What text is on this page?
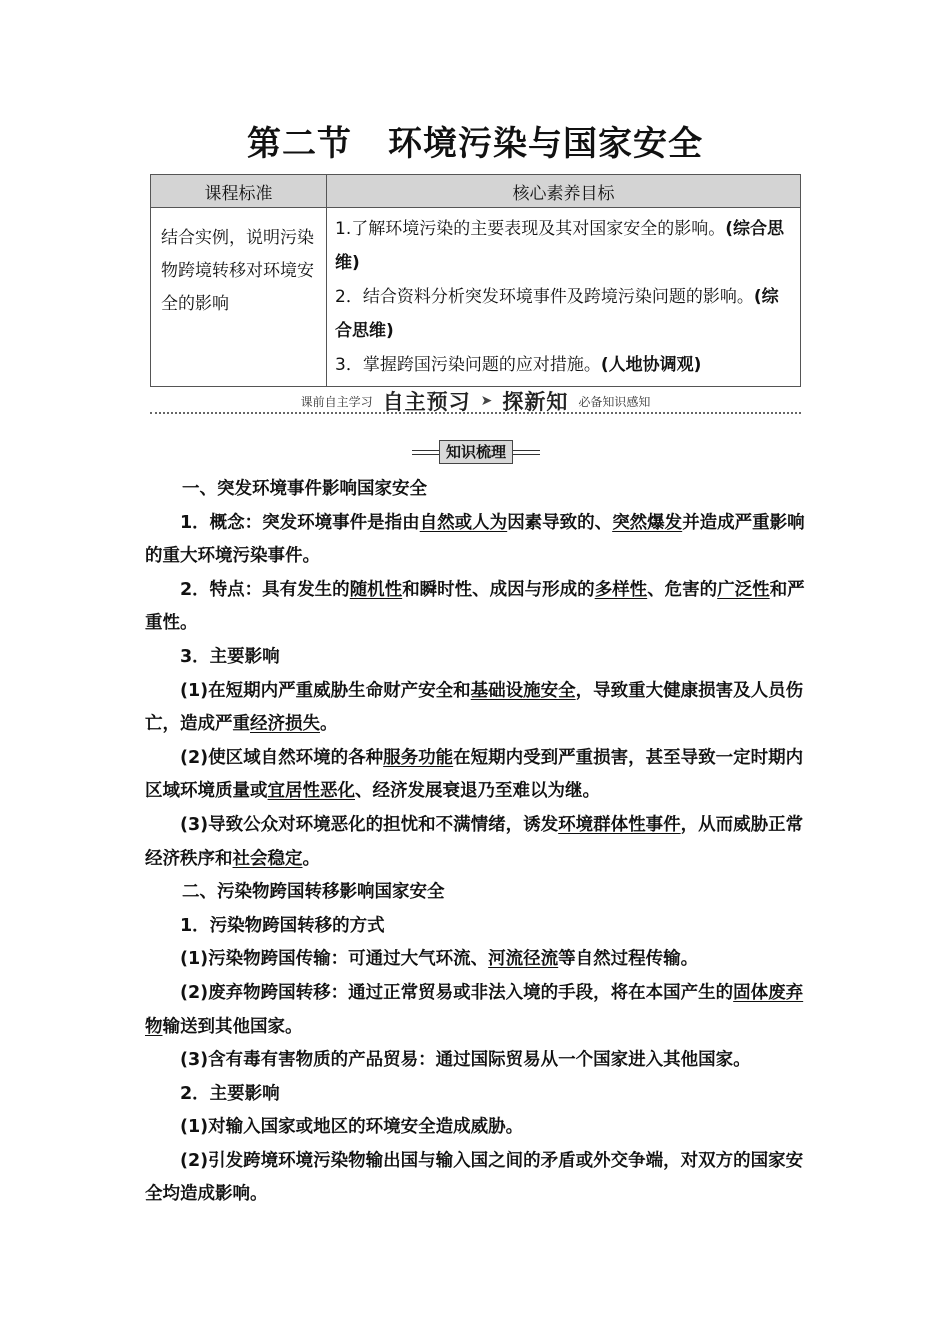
第二节 环境污染与国家安全
课程标准	核心素养目标
结合实例，说明污染物跨境转移对环境安全的影响	1.了解环境污染的主要表现及其对国家安全的影响。(综合思维)
2．结合资料分析突发环境事件及跨境污染问题的影响。(综合思维)
3．掌握跨国污染问题的应对措施。(人地协调观)
课前自主学习 自主预习 ➤ 探新知 必备知识感知
知识梳理

一、突发环境事件影响国家安全

1．概念：突发环境事件是指由自然或人为因素导致的、突然爆发并造成严重影响的重大环境污染事件。

2．特点：具有发生的随机性和瞬时性、成因与形成的多样性、危害的广泛性和严重性。

3．主要影响

(1)在短期内严重威胁生命财产安全和基础设施安全，导致重大健康损害及人员伤亡，造成严重经济损失。

(2)使区域自然环境的各种服务功能在短期内受到严重损害，甚至导致一定时期内区域环境质量或宜居性恶化、经济发展衰退乃至难以为继。

(3)导致公众对环境恶化的担忧和不满情绪，诱发环境群体性事件，从而威胁正常经济秩序和社会稳定。

二、污染物跨国转移影响国家安全

1．污染物跨国转移的方式

(1)污染物跨国传输：可通过大气环流、河流径流等自然过程传输。

(2)废弃物跨国转移：通过正常贸易或非法入境的手段，将在本国产生的固体废弃物输送到其他国家。

(3)含有毒有害物质的产品贸易：通过国际贸易从一个国家进入其他国家。

2．主要影响

(1)对输入国家或地区的环境安全造成威胁。

(2)引发跨境环境污染物输出国与输入国之间的矛盾或外交争端，对双方的国家安全均造成影响。
